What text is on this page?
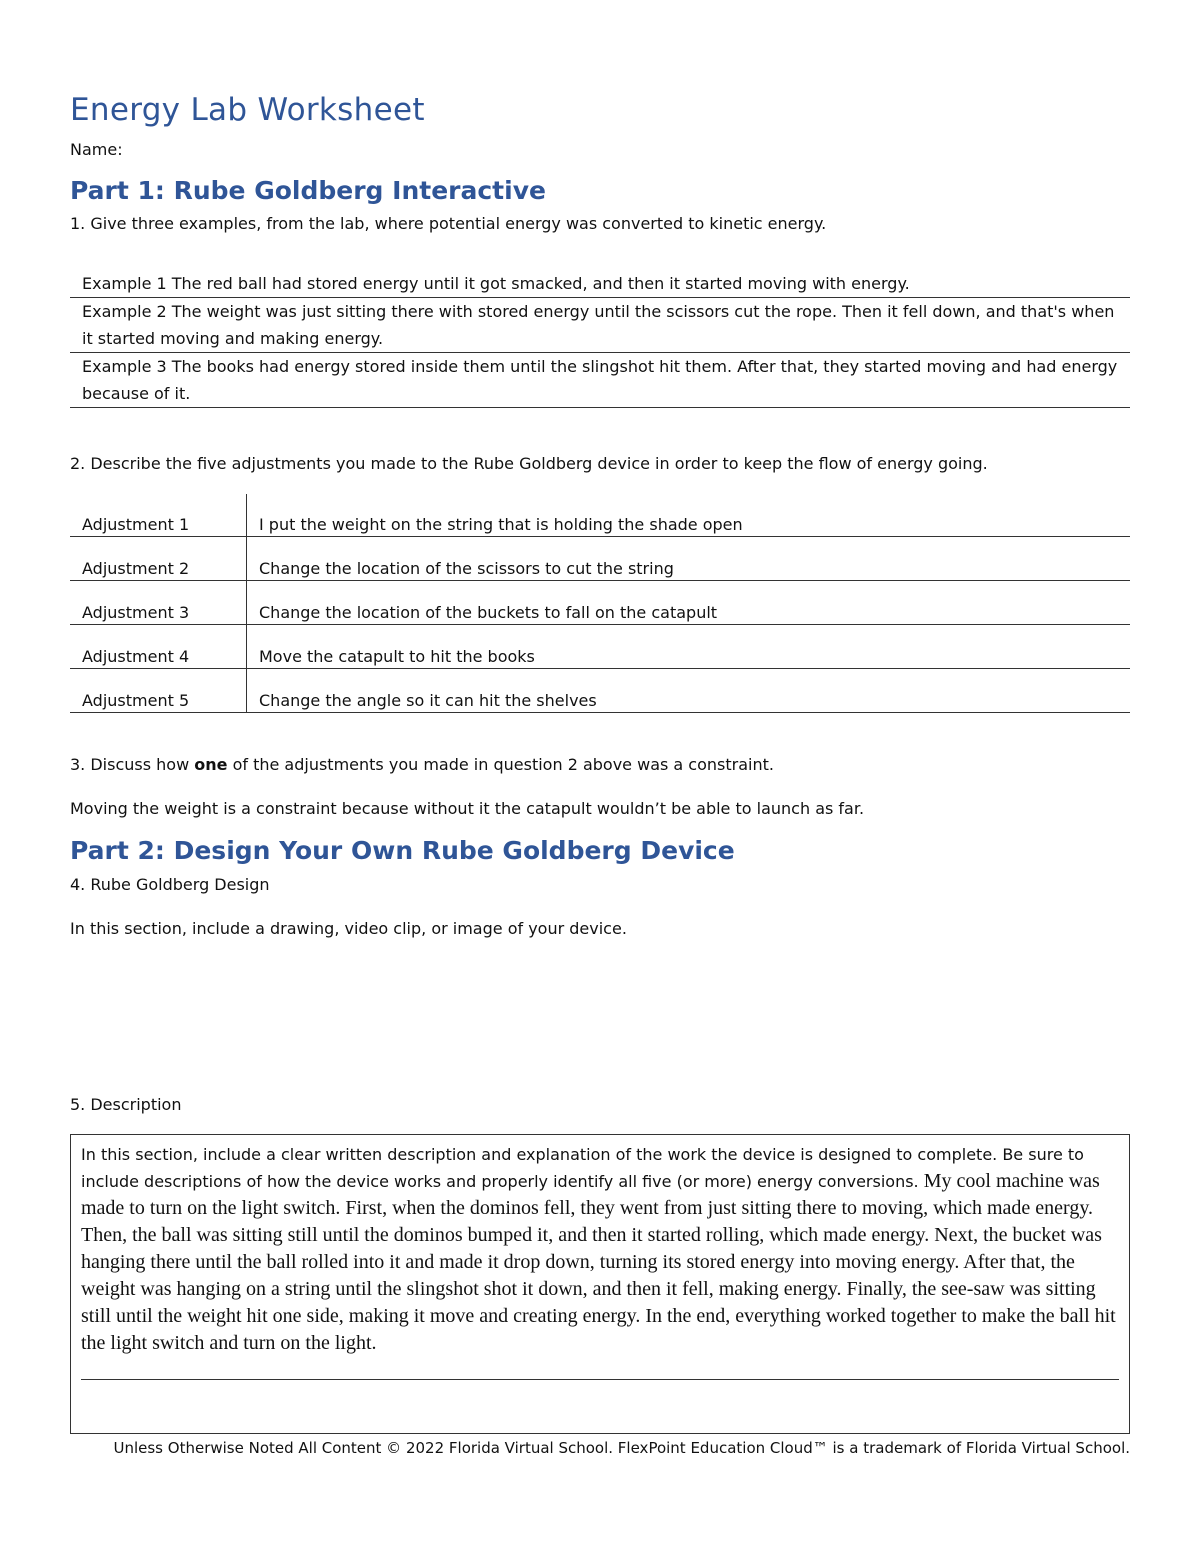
Energy Lab Worksheet
Name:
Part 1: Rube Goldberg Interactive
1. Give three examples, from the lab, where potential energy was converted to kinetic energy.
Example 1 The red ball had stored energy until it got smacked, and then it started moving with energy.
Example 2 The weight was just sitting there with stored energy until the scissors cut the rope. Then it fell down, and that's when it started moving and making energy.
Example 3 The books had energy stored inside them until the slingshot hit them. After that, they started moving and had energy because of it.
2. Describe the five adjustments you made to the Rube Goldberg device in order to keep the flow of energy going.
Adjustment 1	I put the weight on the string that is holding the shade open
Adjustment 2	Change the location of the scissors to cut the string
Adjustment 3	Change the location of the buckets to fall on the catapult
Adjustment 4	Move the catapult to hit the books
Adjustment 5	Change the angle so it can hit the shelves
3. Discuss how one of the adjustments you made in question 2 above was a constraint.
Moving the weight is a constraint because without it the catapult wouldn’t be able to launch as far.
Part 2: Design Your Own Rube Goldberg Device
4. Rube Goldberg Design
In this section, include a drawing, video clip, or image of your device.
5. Description
In this section, include a clear written description and explanation of the work the device is designed to complete. Be sure to include descriptions of how the device works and properly identify all five (or more) energy conversions. My cool machine was made to turn on the light switch. First, when the dominos fell, they went from just sitting there to moving, which made energy. Then, the ball was sitting still until the dominos bumped it, and then it started rolling, which made energy. Next, the bucket was hanging there until the ball rolled into it and made it drop down, turning its stored energy into moving energy. After that, the weight was hanging on a string until the slingshot shot it down, and then it fell, making energy. Finally, the see-saw was sitting still until the weight hit one side, making it move and creating energy. In the end, everything worked together to make the ball hit the light switch and turn on the light.
Unless Otherwise Noted All Content © 2022 Florida Virtual School. FlexPoint Education Cloud™ is a trademark of Florida Virtual School.
